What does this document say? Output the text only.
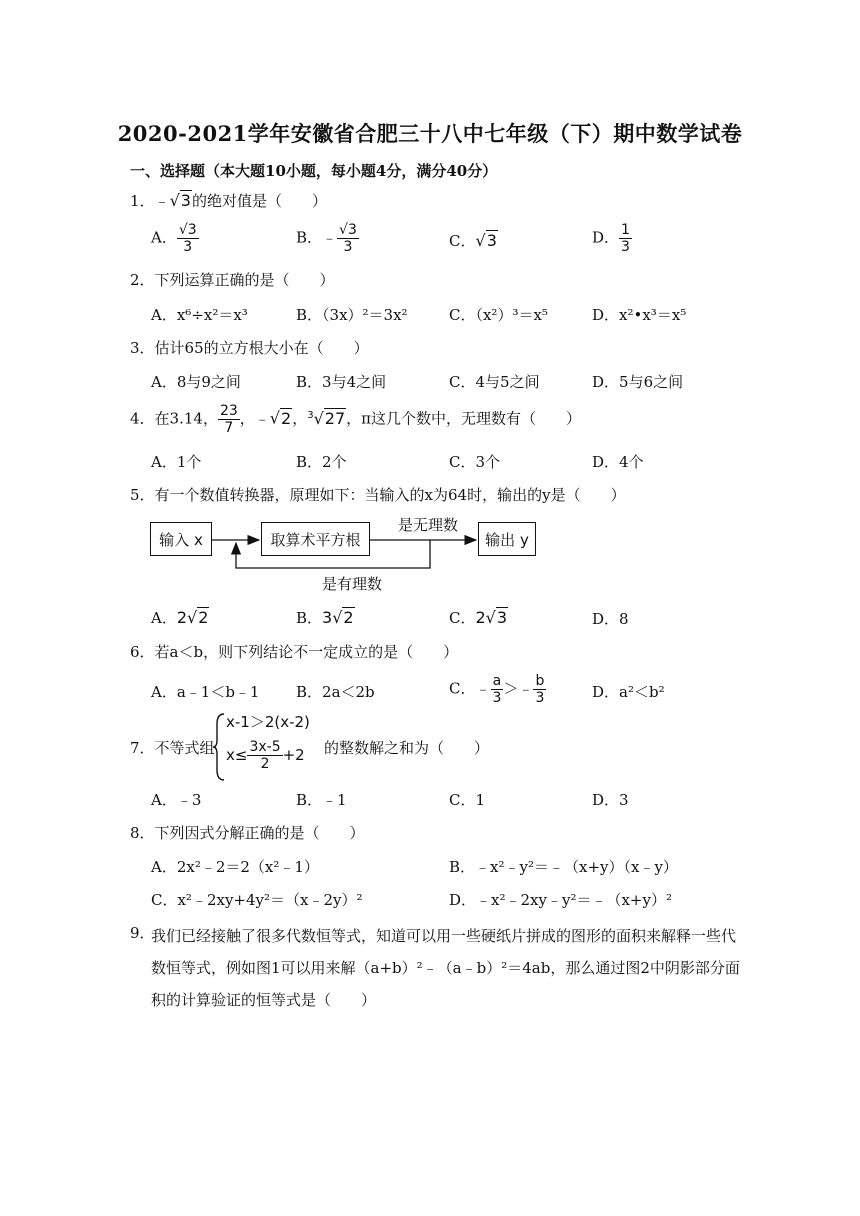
2020-2021学年安徽省合肥三十八中七年级（下）期中数学试卷
一、选择题（本大题10小题，每小题4分，满分40分）
1．﹣√3的绝对值是（　　）
A． $\frac{√3}{3}$	B．﹣ $\frac{√3}{3}$	C．√3	D． $\frac{1}{3}$
2．下列运算正确的是（　　）
A．x⁶÷x²＝x³	B．（3x）²＝3x²	C．（x²）³＝x⁵	D．x²•x³＝x⁵
3．估计65的立方根大小在（　　）
A．8与9之间	B．3与4之间	C．4与5之间	D．5与6之间
4．在3.14， $\frac{23}{7}$ ，﹣√2，$^3$√27，π这几个数中，无理数有（　　）
A．1个	B．2个	C．3个	D．4个
5．有一个数值转换器，原理如下：当输入的x为64时，输出的y是（　　）
输入 x	取算术平方根	输出 y
是无理数
是有理数
A．2√2	B．3√2	C．2√3	D．8
6．若a＜b，则下列结论不一定成立的是（　　）
A．a﹣1＜b﹣1 B．2a＜2b	C．﹣ $\frac{a}{3}$ ＞﹣ $\frac{b}{3}$	D．a²＜b²
7．不等式组
x-1＞2(x-2)
$x\le \frac{3x-5}{2} +2$ 的整数解之和为（　　）
A．﹣3	B．﹣1	C．1	D．3
8．下列因式分解正确的是（　　）
A．2x²﹣2＝2（x²﹣1）	B．﹣x²﹣y²＝﹣（x+y）（x﹣y）
C．x²﹣2xy+4y²＝（x﹣2y）²	D．﹣x²﹣2xy﹣y²＝﹣（x+y）²
9．
我们已经接触了很多代数恒等式，知道可以用一些硬纸片拼成的图形的面积来解释一些代数恒等式，例如图1可以用来解（a+b）²﹣（a﹣b）²＝4ab，那么通过图2中阴影部分面积的计算验证的恒等式是（　　）
